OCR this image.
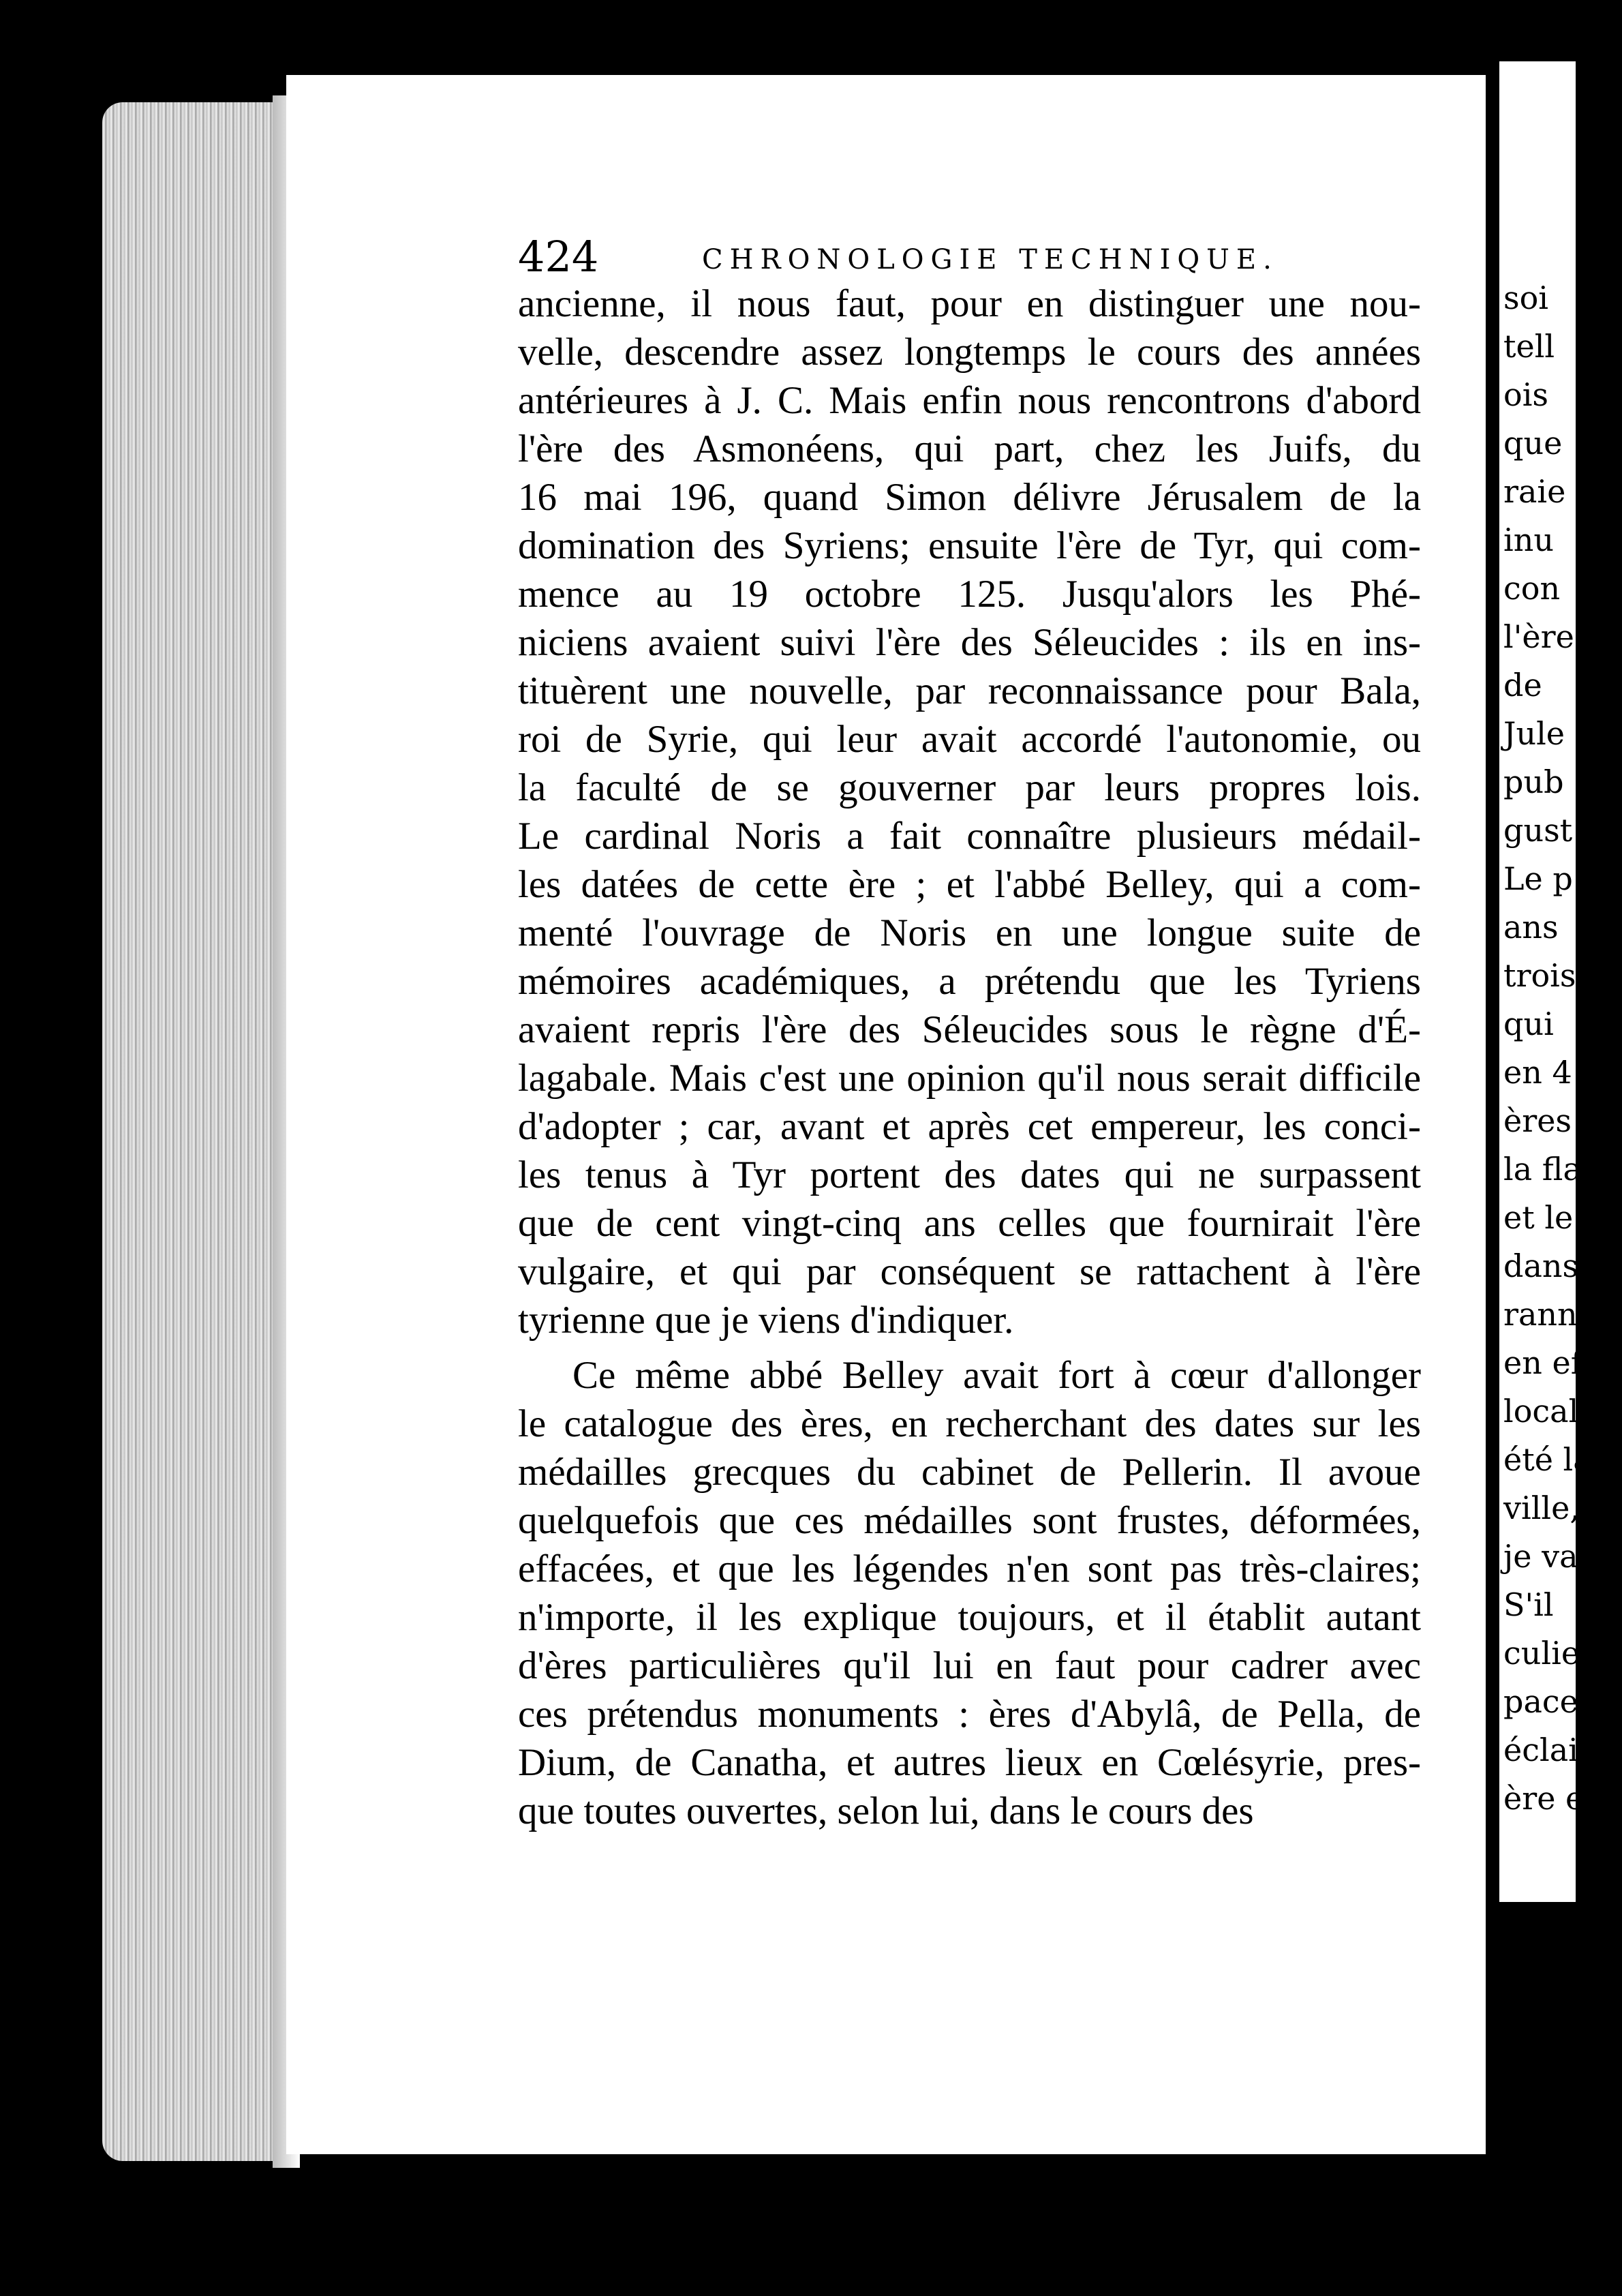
soi
tell
ois
que
raie
inu
con
l'ère
de
Jule
pub
gust
Le p
ans
trois
qui
en 4
ères
la fla
et le
dans
ranni
en eff
locale
été la
ville, c
je vais
S'il
culiers
pace d
éclaire
ère enc
424	CHRONOLOGIE TECHNIQUE.
ancienne, il nous faut, pour en distinguer une nou-
velle, descendre assez longtemps le cours des années
antérieures à J. C. Mais enfin nous rencontrons d'abord
l'ère des Asmonéens, qui part, chez les Juifs, du
16 mai 196, quand Simon délivre Jérusalem de la
domination des Syriens; ensuite l'ère de Tyr, qui com-
mence au 19 octobre 125. Jusqu'alors les Phé-
niciens avaient suivi l'ère des Séleucides : ils en ins-
tituèrent une nouvelle, par reconnaissance pour Bala,
roi de Syrie, qui leur avait accordé l'autonomie, ou
la faculté de se gouverner par leurs propres lois.
Le cardinal Noris a fait connaître plusieurs médail-
les datées de cette ère ; et l'abbé Belley, qui a com-
menté l'ouvrage de Noris en une longue suite de
mémoires académiques, a prétendu que les Tyriens
avaient repris l'ère des Séleucides sous le règne d'É-
lagabale. Mais c'est une opinion qu'il nous serait difficile
d'adopter ; car, avant et après cet empereur, les conci-
les tenus à Tyr portent des dates qui ne surpassent
que de cent vingt-cinq ans celles que fournirait l'ère
vulgaire, et qui par conséquent se rattachent à l'ère
tyrienne que je viens d'indiquer.
Ce même abbé Belley avait fort à cœur d'allonger
le catalogue des ères, en recherchant des dates sur les
médailles grecques du cabinet de Pellerin. Il avoue
quelquefois que ces médailles sont frustes, déformées,
effacées, et que les légendes n'en sont pas très-claires;
n'importe, il les explique toujours, et il établit autant
d'ères particulières qu'il lui en faut pour cadrer avec
ces prétendus monuments : ères d'Abylâ, de Pella, de
Dium, de Canatha, et autres lieux en Cœlésyrie, pres-
que toutes ouvertes, selon lui, dans le cours des
